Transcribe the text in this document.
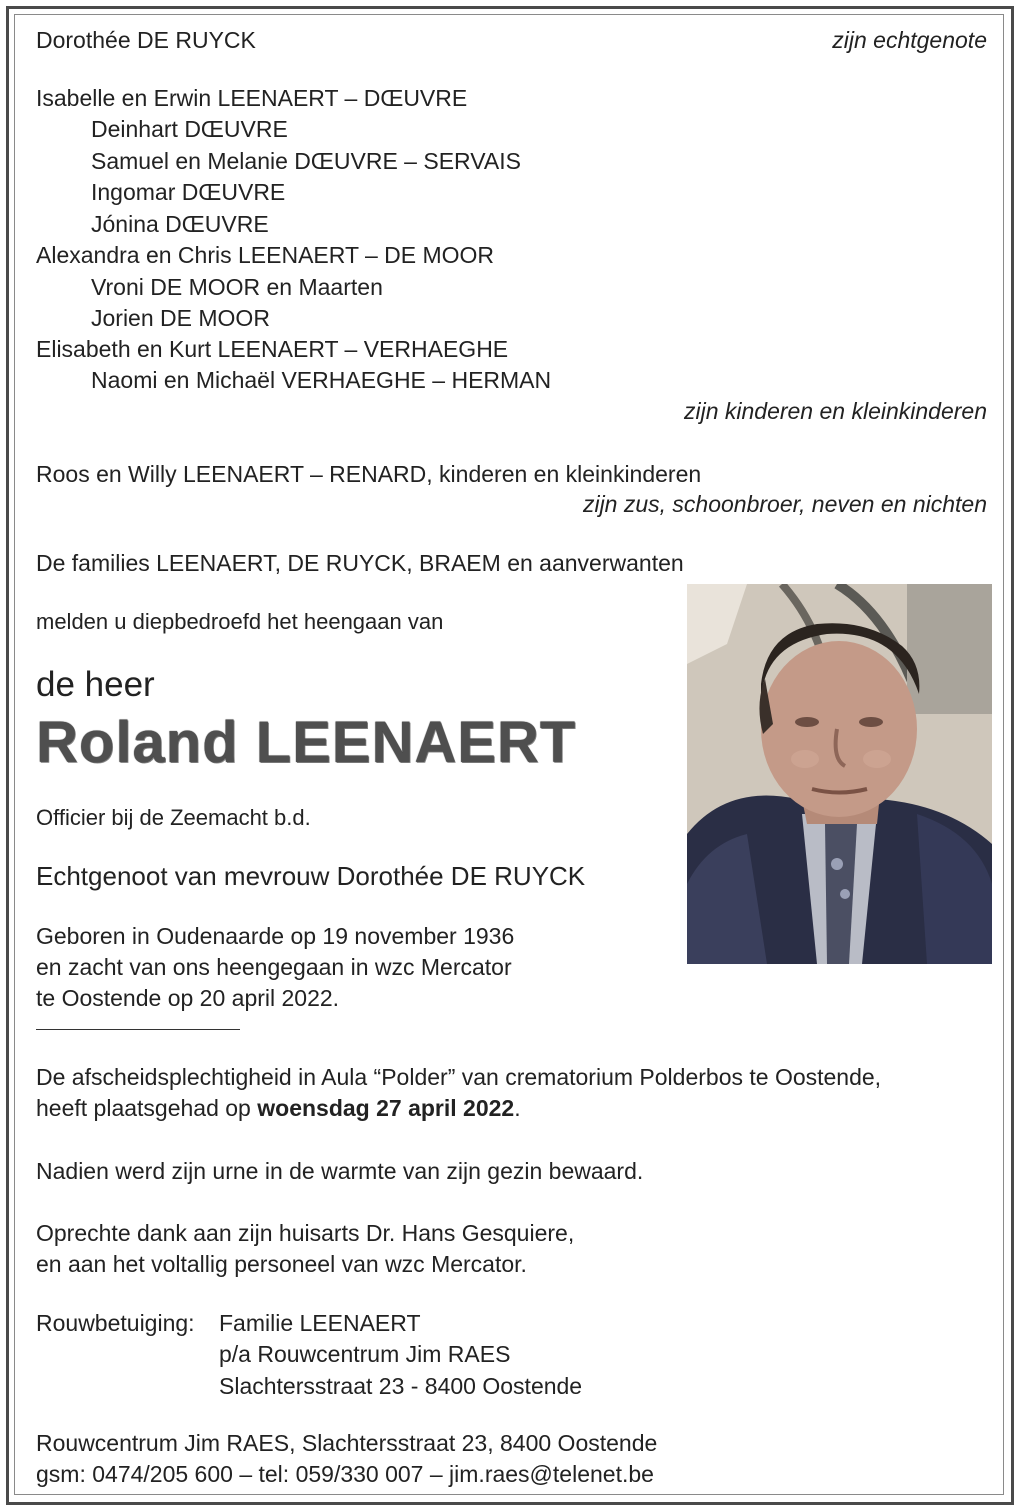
Dorothée DE RUYCK	zijn echtgenote
Isabelle en Erwin LEENAERT – DŒUVRE
Deinhart DŒUVRE
Samuel en Melanie DŒUVRE – SERVAIS
Ingomar DŒUVRE
Jónina DŒUVRE
Alexandra en Chris LEENAERT – DE MOOR
Vroni DE MOOR en Maarten
Jorien DE MOOR
Elisabeth en Kurt LEENAERT – VERHAEGHE
Naomi en Michaël VERHAEGHE – HERMAN
zijn kinderen en kleinkinderen
Roos en Willy LEENAERT – RENARD, kinderen en kleinkinderen
zijn zus, schoonbroer, neven en nichten
De families LEENAERT, DE RUYCK, BRAEM en aanverwanten
melden u diepbedroefd het heengaan van
de heer
Roland LEENAERT
Officier bij de Zeemacht b.d.
Echtgenoot van mevrouw Dorothée DE RUYCK
Geboren in Oudenaarde op 19 november 1936
en zacht van ons heengegaan in wzc Mercator
te Oostende op 20 april 2022.
De afscheidsplechtigheid in Aula “Polder” van crematorium Polderbos te Oostende,
heeft plaatsgehad op woensdag 27 april 2022.
Nadien werd zijn urne in de warmte van zijn gezin bewaard.
Oprechte dank aan zijn huisarts Dr. Hans Gesquiere,
en aan het voltallig personeel van wzc Mercator.
Rouwbetuiging: Familie LEENAERT
p/a Rouwcentrum Jim RAES
Slachtersstraat 23 - 8400 Oostende
Rouwcentrum Jim RAES, Slachtersstraat 23, 8400 Oostende
gsm: 0474/205 600 – tel: 059/330 007 – jim.raes@telenet.be
